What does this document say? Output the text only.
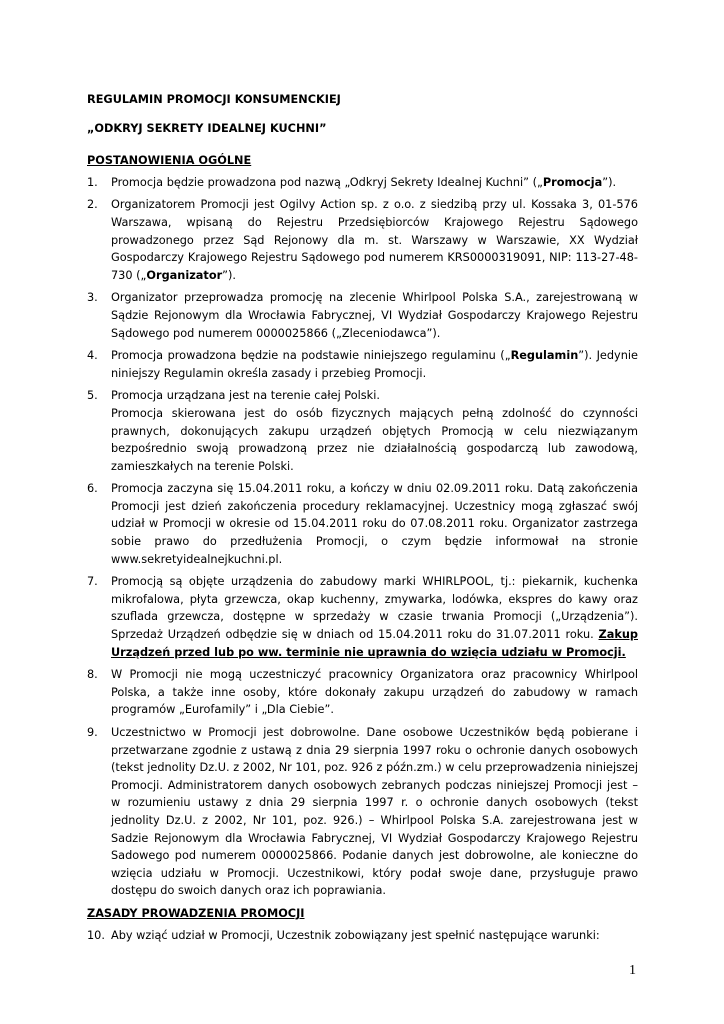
REGULAMIN PROMOCJI KONSUMENCKIEJ

„ODKRYJ SEKRETY IDEALNEJ KUCHNI”

POSTANOWIENIA OGÓLNE

1. Promocja będzie prowadzona pod nazwą „Odkryj Sekrety Idealnej Kuchni” („Promocja”).
2. Organizatorem Promocji jest Ogilvy Action sp. z o.o. z siedzibą przy ul. Kossaka 3, 01-576 Warszawa, wpisaną do Rejestru Przedsiębiorców Krajowego Rejestru Sądowego prowadzonego przez Sąd Rejonowy dla m. st. Warszawy w Warszawie, XX Wydział Gospodarczy Krajowego Rejestru Sądowego pod numerem KRS0000319091, NIP: 113-27-48-730 („Organizator”).
3. Organizator przeprowadza promocję na zlecenie Whirlpool Polska S.A., zarejestrowaną w Sądzie Rejonowym dla Wrocławia Fabrycznej, VI Wydział Gospodarczy Krajowego Rejestru Sądowego pod numerem 0000025866 („Zleceniodawca”).
4. Promocja prowadzona będzie na podstawie niniejszego regulaminu („Regulamin”). Jedynie niniejszy Regulamin określa zasady i przebieg Promocji.
5. Promocja urządzana jest na terenie całej Polski.

Promocja skierowana jest do osób fizycznych mających pełną zdolność do czynności prawnych, dokonujących zakupu urządzeń objętych Promocją w celu niezwiązanym bezpośrednio swoją prowadzoną przez nie działalnością gospodarczą lub zawodową, zamieszkałych na terenie Polski.

6. Promocja zaczyna się 15.04.2011 roku, a kończy w dniu 02.09.2011 roku. Datą zakończenia Promocji jest dzień zakończenia procedury reklamacyjnej. Uczestnicy mogą zgłaszać swój udział w Promocji w okresie od 15.04.2011 roku do 07.08.2011 roku. Organizator zastrzega sobie prawo do przedłużenia Promocji, o czym będzie informował na stronie www.sekretyidealnejkuchni.pl.
7. Promocją są objęte urządzenia do zabudowy marki WHIRLPOOL, tj.: piekarnik, kuchenka mikrofalowa, płyta grzewcza, okap kuchenny, zmywarka, lodówka, ekspres do kawy oraz szuflada grzewcza, dostępne w sprzedaży w czasie trwania Promocji („Urządzenia”). Sprzedaż Urządzeń odbędzie się w dniach od 15.04.2011 roku do 31.07.2011 roku. Zakup Urządzeń przed lub po ww. terminie nie uprawnia do wzięcia udziału w Promocji.
8. W Promocji nie mogą uczestniczyć pracownicy Organizatora oraz pracownicy Whirlpool Polska, a także inne osoby, które dokonały zakupu urządzeń do zabudowy w ramach programów „Eurofamily” i „Dla Ciebie”.
9. Uczestnictwo w Promocji jest dobrowolne. Dane osobowe Uczestników będą pobierane i przetwarzane zgodnie z ustawą z dnia 29 sierpnia 1997 roku o ochronie danych osobowych (tekst jednolity Dz.U. z 2002, Nr 101, poz. 926 z późn.zm.) w celu przeprowadzenia niniejszej Promocji. Administratorem danych osobowych zebranych podczas niniejszej Promocji jest – w rozumieniu ustawy z dnia 29 sierpnia 1997 r. o ochronie danych osobowych (tekst jednolity Dz.U. z 2002, Nr 101, poz. 926.) – Whirlpool Polska S.A. zarejestrowana jest w Sadzie Rejonowym dla Wrocławia Fabrycznej, VI Wydział Gospodarczy Krajowego Rejestru Sadowego pod numerem 0000025866. Podanie danych jest dobrowolne, ale konieczne do wzięcia udziału w Promocji. Uczestnikowi, który podał swoje dane, przysługuje prawo dostępu do swoich danych oraz ich poprawiania.

ZASADY PROWADZENIA PROMOCJI

10. Aby wziąć udział w Promocji, Uczestnik zobowiązany jest spełnić następujące warunki:
1
